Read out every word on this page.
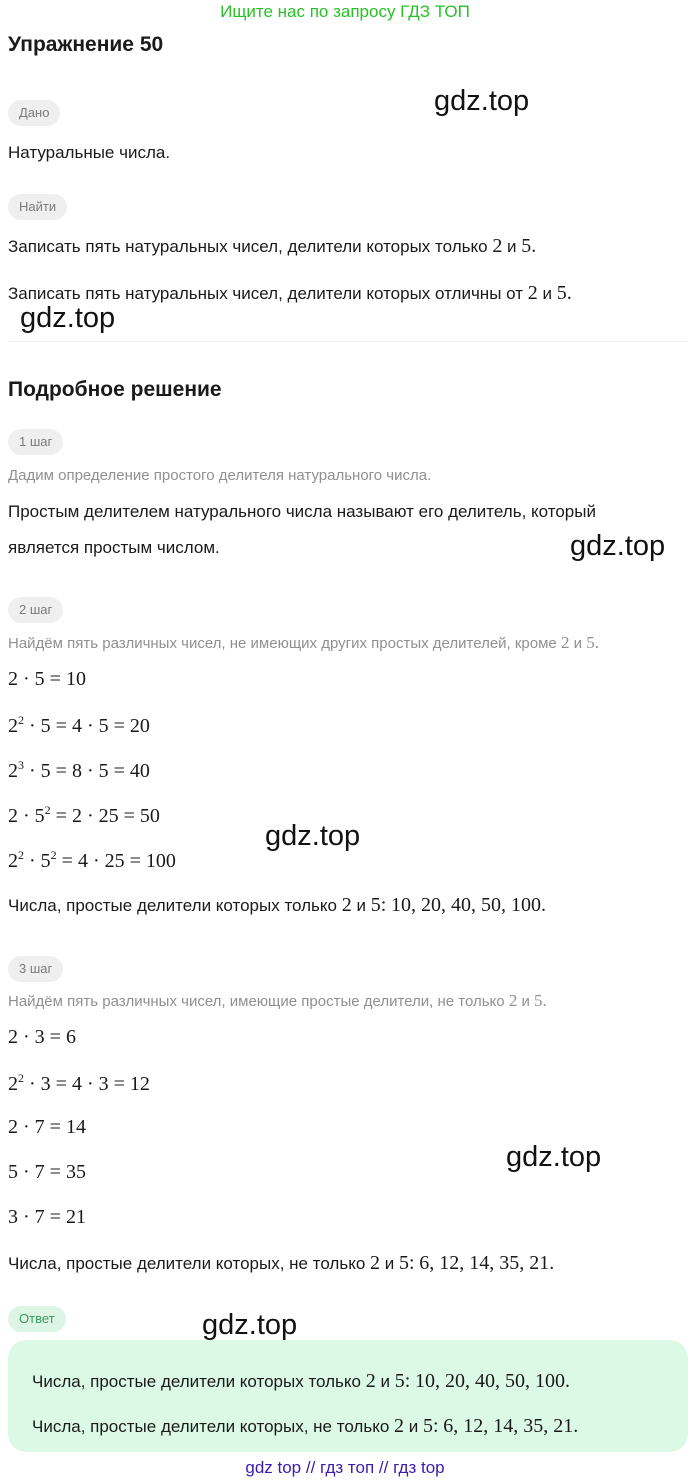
Ищите нас по запросу ГДЗ ТОП
Упражнение 50
Дано
Натуральные числа.
Найти
Записать пять натуральных чисел, делители которых только 2 и 5.
Записать пять натуральных чисел, делители которых отличны от 2 и 5.
Подробное решение
1 шаг
Дадим определение простого делителя натурального числа.
Простым делителем натурального числа называют его делитель, который
является простым числом.
2 шаг
Найдём пять различных чисел, не имеющих других простых делителей, кроме 2 и 5.
2 · 5 = 10
$2^2 \cdot 5 = 4 \cdot 5 = 20$
$2^3 \cdot 5 = 8 \cdot 5 = 40$
$2 \cdot 5^2 = 2 \cdot 25 = 50$
$2^2 \cdot 5^2 = 4 \cdot 25 = 100$
Числа, простые делители которых только 2 и 5: 10, 20, 40, 50, 100.
3 шаг
Найдём пять различных чисел, имеющие простые делители, не только 2 и 5.
2 · 3 = 6
$2^2 \cdot 3 = 4 \cdot 3 = 12$
2 · 7 = 14
5 · 7 = 35
3 · 7 = 21
Числа, простые делители которых, не только 2 и 5: 6, 12, 14, 35, 21.
Ответ
Числа, простые делители которых только 2 и 5: 10, 20, 40, 50, 100.
Числа, простые делители которых, не только 2 и 5: 6, 12, 14, 35, 21.
gdz.top
gdz.top
gdz.top
gdz.top
gdz.top
gdz.top
gdz top // гдз топ // гдз top
